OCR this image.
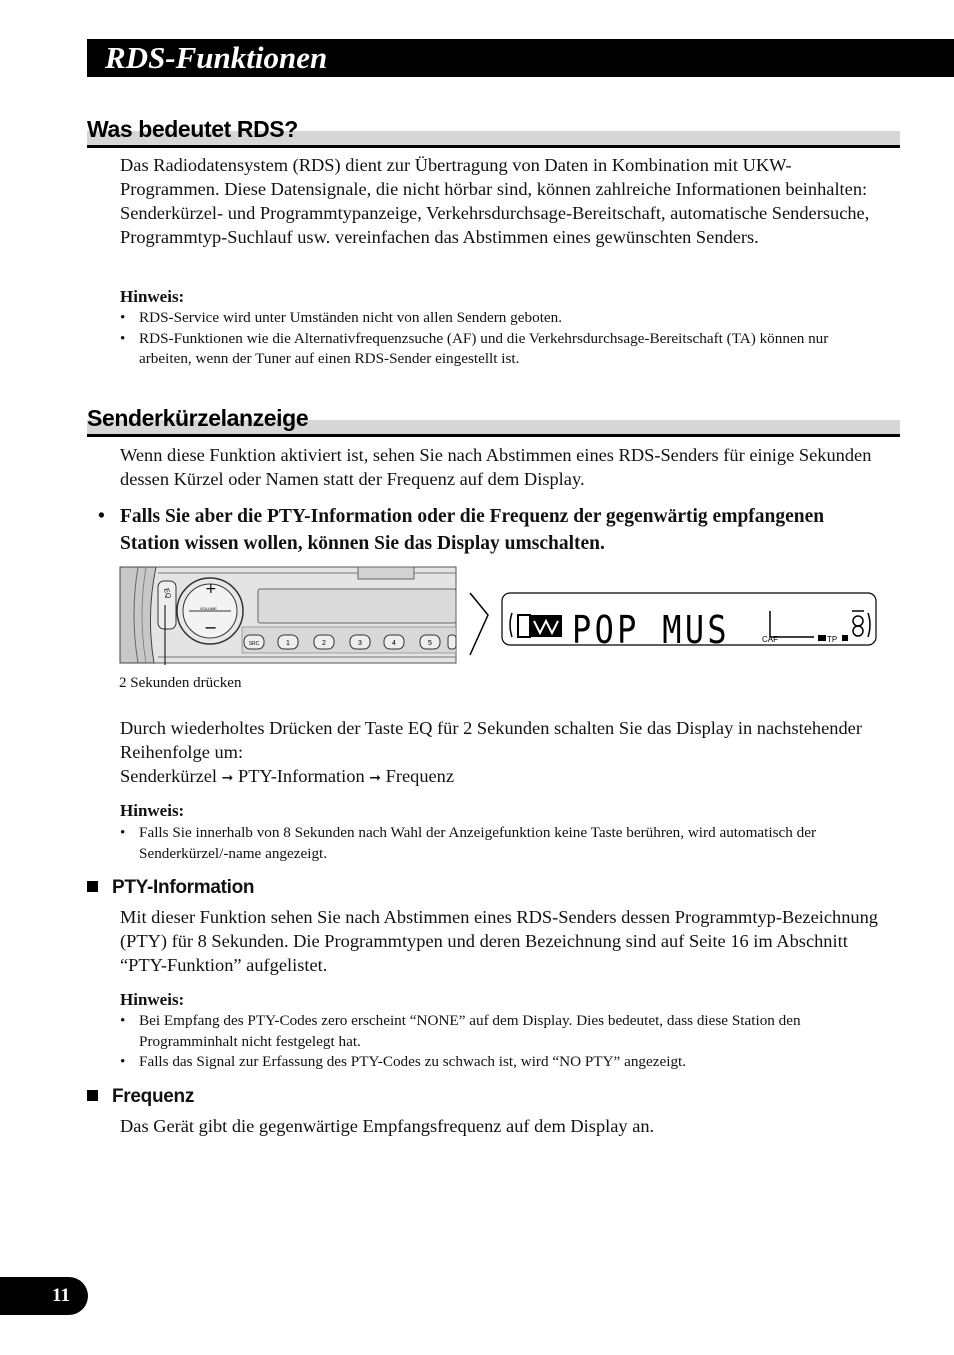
RDS-Funktionen
Was bedeutet RDS?
Das Radiodatensystem (RDS) dient zur Übertragung von Daten in Kombination mit UKW-Programmen. Diese Datensignale, die nicht hörbar sind, können zahlreiche Informationen beinhalten: Senderkürzel- und Programmtypanzeige, Verkehrsdurchsage-Bereitschaft, automatische Sendersuche, Programmtyp-Suchlauf usw. vereinfachen das Abstimmen eines gewünschten Senders.
Hinweis:
• RDS-Service wird unter Umständen nicht von allen Sendern geboten.
• RDS-Funktionen wie die Alternativfrequenzsuche (AF) und die Verkehrsdurchsage-Bereitschaft (TA) können nur arbeiten, wenn der Tuner auf einen RDS-Sender eingestellt ist.
Senderkürzelanzeige
Wenn diese Funktion aktiviert ist, sehen Sie nach Abstimmen eines RDS-Senders für einige Sekunden dessen Kürzel oder Namen statt der Frequenz auf dem Display.
• Falls Sie aber die PTY-Information oder die Frequenz der gegenwärtig empfangenen Station wissen wollen, können Sie das Display umschalten.
EQ +
−
VOLUME
SRC	1	2	3	4	5	POP MUS	CAF	TP
2 Sekunden drücken
Durch wiederholtes Drücken der Taste EQ für 2 Sekunden schalten Sie das Display in nachstehender Reihenfolge um:
Senderkürzel ➞ PTY-Information ➞ Frequenz
Hinweis:
• Falls Sie innerhalb von 8 Sekunden nach Wahl der Anzeigefunktion keine Taste berühren, wird automatisch der Senderkürzel/-name angezeigt.
PTY-Information
Mit dieser Funktion sehen Sie nach Abstimmen eines RDS-Senders dessen Programmtyp-Bezeichnung (PTY) für 8 Sekunden. Die Programmtypen und deren Bezeichnung sind auf Seite 16 im Abschnitt “PTY-Funktion” aufgelistet.
Hinweis:
• Bei Empfang des PTY-Codes zero erscheint “NONE” auf dem Display. Dies bedeutet, dass diese Station den Programminhalt nicht festgelegt hat.
• Falls das Signal zur Erfassung des PTY-Codes zu schwach ist, wird “NO PTY” angezeigt.
Frequenz
Das Gerät gibt die gegenwärtige Empfangsfrequenz auf dem Display an.
11
